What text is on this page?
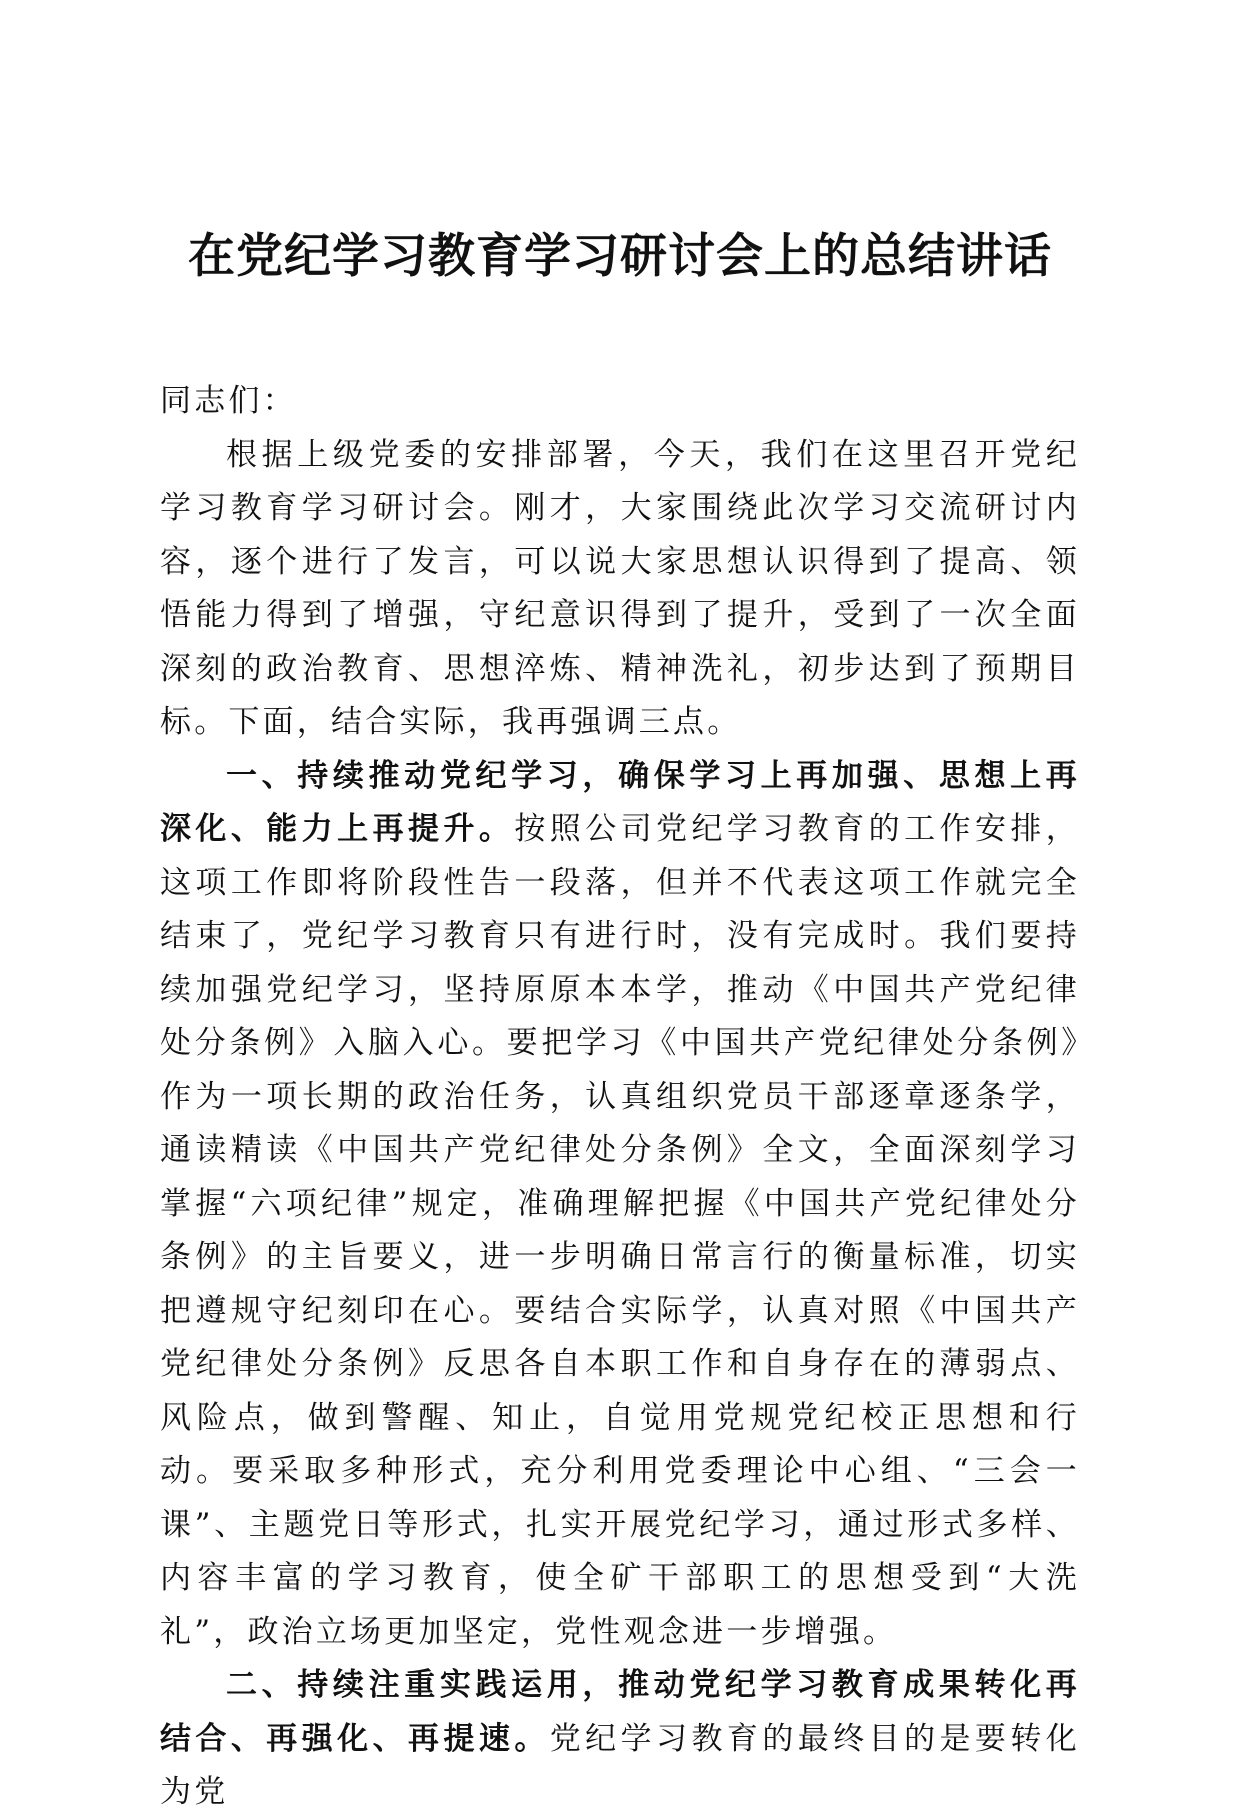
在党纪学习教育学习研讨会上的总结讲话

同志们：

根据上级党委的安排部署，今天，我们在这里召开党纪学习教育学习研讨会。刚才，大家围绕此次学习交流研讨内容，逐个进行了发言，可以说大家思想认识得到了提高、领悟能力得到了增强，守纪意识得到了提升，受到了一次全面深刻的政治教育、思想淬炼、精神洗礼，初步达到了预期目标。下面，结合实际，我再强调三点。

一、持续推动党纪学习，确保学习上再加强、思想上再深化、能力上再提升。按照公司党纪学习教育的工作安排，这项工作即将阶段性告一段落，但并不代表这项工作就完全结束了，党纪学习教育只有进行时，没有完成时。我们要持续加强党纪学习，坚持原原本本学，推动《中国共产党纪律处分条例》入脑入心。要把学习《中国共产党纪律处分条例》作为一项长期的政治任务，认真组织党员干部逐章逐条学，通读精读《中国共产党纪律处分条例》全文，全面深刻学习掌握“六项纪律”规定，准确理解把握《中国共产党纪律处分条例》的主旨要义，进一步明确日常言行的衡量标准，切实把遵规守纪刻印在心。要结合实际学，认真对照《中国共产党纪律处分条例》反思各自本职工作和自身存在的薄弱点、风险点，做到警醒、知止，自觉用党规党纪校正思想和行动。要采取多种形式，充分利用党委理论中心组、“三会一课”、主题党日等形式，扎实开展党纪学习，通过形式多样、内容丰富的学习教育，使全矿干部职工的思想受到“大洗礼”，政治立场更加坚定，党性观念进一步增强。

二、持续注重实践运用，推动党纪学习教育成果转化再结合、再强化、再提速。党纪学习教育的最终目的是要转化为党
